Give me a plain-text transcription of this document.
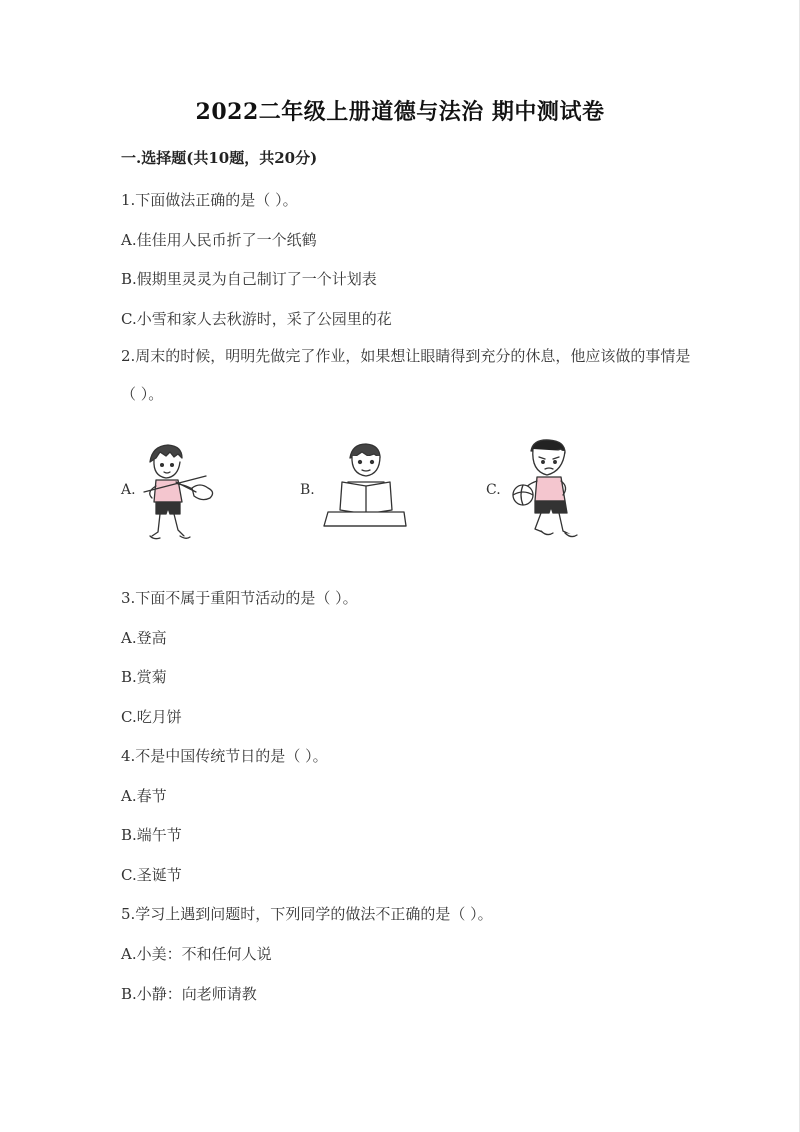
2022二年级上册道德与法治 期中测试卷
一.选择题(共10题，共20分)
1.下面做法正确的是（ ）。
A.佳佳用人民币折了一个纸鹤
B.假期里灵灵为自己制订了一个计划表
C.小雪和家人去秋游时，采了公园里的花
2.周末的时候，明明先做完了作业，如果想让眼睛得到充分的休息，他应该做的事情是（ ）。
A.	B.	C.
3.下面不属于重阳节活动的是（ ）。
A.登高
B.赏菊
C.吃月饼
4.不是中国传统节日的是（ ）。
A.春节
B.端午节
C.圣诞节
5.学习上遇到问题时，下列同学的做法不正确的是（ ）。
A.小美：不和任何人说
B.小静：向老师请教
